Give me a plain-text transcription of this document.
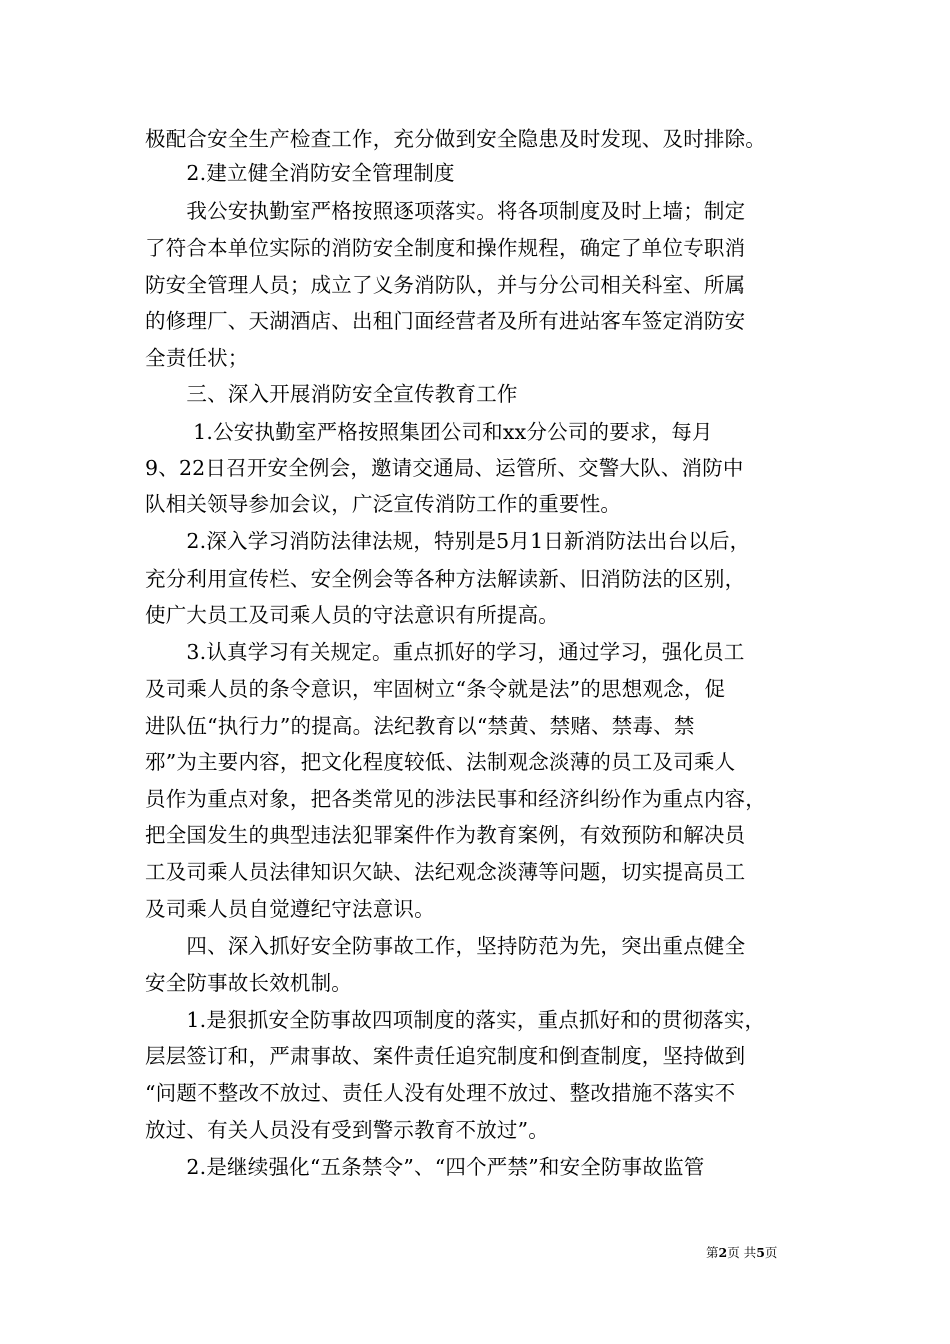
极配合安全生产检查工作，充分做到安全隐患及时发现、及时排除。
　　2.建立健全消防安全管理制度
　　我公安执勤室严格按照逐项落实。将各项制度及时上墙；制定
了符合本单位实际的消防安全制度和操作规程，确定了单位专职消
防安全管理人员；成立了义务消防队，并与分公司相关科室、所属
的修理厂、天湖酒店、出租门面经营者及所有进站客车签定消防安
全责任状；
　　三、深入开展消防安全宣传教育工作
　　 1.公安执勤室严格按照集团公司和xx分公司的要求，每月
9、22日召开安全例会，邀请交通局、运管所、交警大队、消防中
队相关领导参加会议，广泛宣传消防工作的重要性。
　　2.深入学习消防法律法规，特别是5月1日新消防法出台以后，
充分利用宣传栏、安全例会等各种方法解读新、旧消防法的区别，
使广大员工及司乘人员的守法意识有所提高。
　　3.认真学习有关规定。重点抓好的学习，通过学习，强化员工
及司乘人员的条令意识，牢固树立“条令就是法”的思想观念，促
进队伍“执行力”的提高。法纪教育以“禁黄、禁赌、禁毒、禁
邪”为主要内容，把文化程度较低、法制观念淡薄的员工及司乘人
员作为重点对象，把各类常见的涉法民事和经济纠纷作为重点内容，
把全国发生的典型违法犯罪案件作为教育案例，有效预防和解决员
工及司乘人员法律知识欠缺、法纪观念淡薄等问题，切实提高员工
及司乘人员自觉遵纪守法意识。
　　四、深入抓好安全防事故工作，坚持防范为先，突出重点健全
安全防事故长效机制。
　　1.是狠抓安全防事故四项制度的落实，重点抓好和的贯彻落实，
层层签订和，严肃事故、案件责任追究制度和倒查制度，坚持做到
“问题不整改不放过、责任人没有处理不放过、整改措施不落实不
放过、有关人员没有受到警示教育不放过”。
　　2.是继续强化“五条禁令”、“四个严禁”和安全防事故监管
第2页 共5页
